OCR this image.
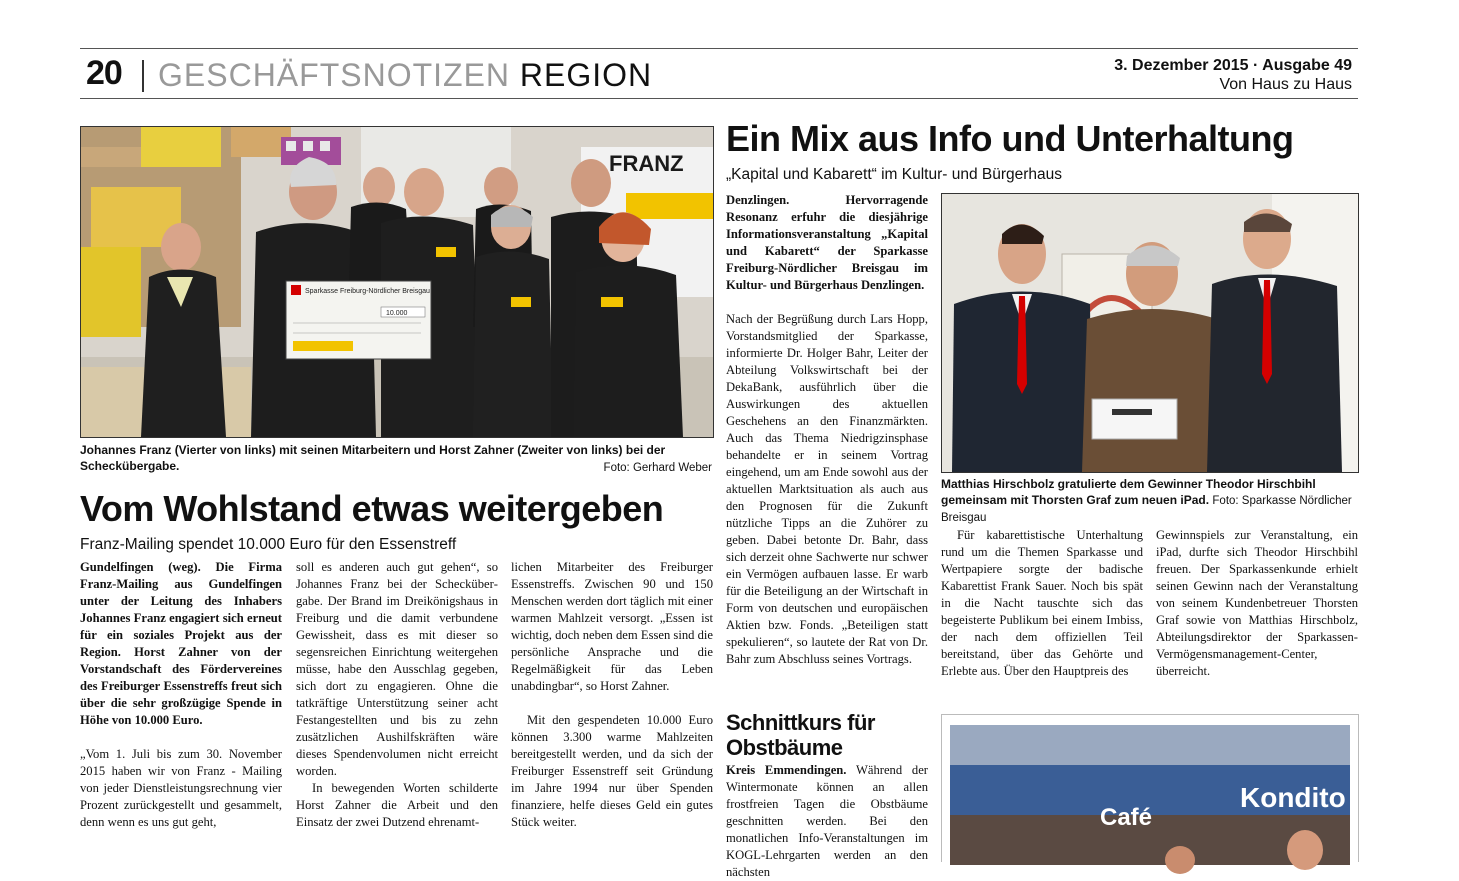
20 GESCHÄFTSNOTIZEN REGION	3. Dezember 2015 · Ausgabe 49
Von Haus zu Haus
FRANZ
Sparkasse Freiburg-Nördlicher Breisgau
10.000
Johannes Franz (Vierter von links) mit seinen Mitarbeitern und Horst Zahner (Zweiter von links) bei der Scheckübergabe.	Foto: Gerhard Weber
Vom Wohlstand etwas weitergeben
Franz-Mailing spendet 10.000 Euro für den Essenstreff

Gundelfingen (weg). Die Firma Franz-Mailing aus Gundelfingen unter der Leitung des Inhabers Johannes Franz engagiert sich erneut für ein soziales Projekt aus der Region. Horst Zahner von der Vorstandschaft des Fördervereines des Freiburger Essenstreffs freut sich über die sehr großzügige Spende in Höhe von 10.000 Euro.

„Vom 1. Juli bis zum 30. November 2015 haben wir von Franz - Mailing von jeder Dienstleistungsrechnung vier Prozent zurückgestellt und gesammelt, denn wenn es uns gut geht,

soll es anderen auch gut gehen“, so Johannes Franz bei der Scheckübergabe. Der Brand im Dreikönigshaus in Freiburg und die damit verbundene Gewissheit, dass es mit dieser so segensreichen Einrichtung weitergehen müsse, habe den Ausschlag gegeben, sich dort zu engagieren. Ohne die tatkräftige Unterstützung seiner acht Festangestellten und bis zu zehn zusätzlichen Aushilfskräften wäre dieses Spendenvolumen nicht erreicht worden.

In bewegenden Worten schilderte Horst Zahner die Arbeit und den Einsatz der zwei Dutzend ehrenamt-

lichen Mitarbeiter des Freiburger Essenstreffs. Zwischen 90 und 150 Menschen werden dort täglich mit einer warmen Mahlzeit versorgt. „Essen ist wichtig, doch neben dem Essen sind die persönliche Ansprache und die Regelmäßigkeit für das Leben unabdingbar“, so Horst Zahner.

Mit den gespendeten 10.000 Euro können 3.300 warme Mahlzeiten bereitgestellt werden, und da sich der Freiburger Essenstreff seit Gründung im Jahre 1994 nur über Spenden finanziere, helfe dieses Geld ein gutes Stück weiter.

Ein Mix aus Info und Unterhaltung
„Kapital und Kabarett“ im Kultur- und Bürgerhaus

Denzlingen. Hervorragende Resonanz erfuhr die diesjährige Informationsveranstaltung „Kapital und Kabarett“ der Sparkasse Freiburg-Nördlicher Breisgau im Kultur- und Bürgerhaus Denzlingen.

Nach der Begrüßung durch Lars Hopp, Vorstandsmitglied der Sparkasse, informierte Dr. Holger Bahr, Leiter der Abteilung Volkswirtschaft bei der DekaBank, ausführlich über die Auswirkungen des aktuellen Geschehens an den Finanzmärkten. Auch das Thema Niedrigzinsphase behandelte er in seinem Vortrag eingehend, um am Ende sowohl aus der aktuellen Marktsituation als auch aus den Prognosen für die Zukunft nützliche Tipps an die Zuhörer zu geben. Dabei betonte Dr. Bahr, dass sich derzeit ohne Sachwerte nur schwer ein Vermögen aufbauen lasse. Er warb für die Beteiligung an der Wirtschaft in Form von deutschen und europäischen Aktien bzw. Fonds. „Beteiligen statt spekulieren“, so lautete der Rat von Dr. Bahr zum Abschluss seines Vortrags.

Matthias Hirschbolz gratulierte dem Gewinner Theodor Hirschbihl gemeinsam mit Thorsten Graf zum neuen iPad. Foto: Sparkasse Nördlicher Breisgau

Für kabarettistische Unterhaltung rund um die Themen Sparkasse und Wertpapiere sorgte der badische Kabarettist Frank Sauer. Noch bis spät in die Nacht tauschte sich das begeisterte Publikum bei einem Imbiss, der nach dem offiziellen Teil bereitstand, über das Gehörte und Erlebte aus. Über den Hauptpreis des

Gewinnspiels zur Veranstaltung, ein iPad, durfte sich Theodor Hirschbihl freuen. Der Sparkassenkunde erhielt seinen Gewinn nach der Veranstaltung von seinem Kundenbetreuer Thorsten Graf sowie von Matthias Hirschbolz, Abteilungsdirektor der Sparkassen-Vermögensmanagement-Center, überreicht.

Schnittkurs für
Obstbäume

Kreis Emmendingen. Während der Wintermonate können an allen frostfreien Tagen die Obstbäume geschnitten werden. Bei den monatlichen Info-Veranstaltungen im KOGL-Lehrgarten werden an den nächsten

Café
Kondito
